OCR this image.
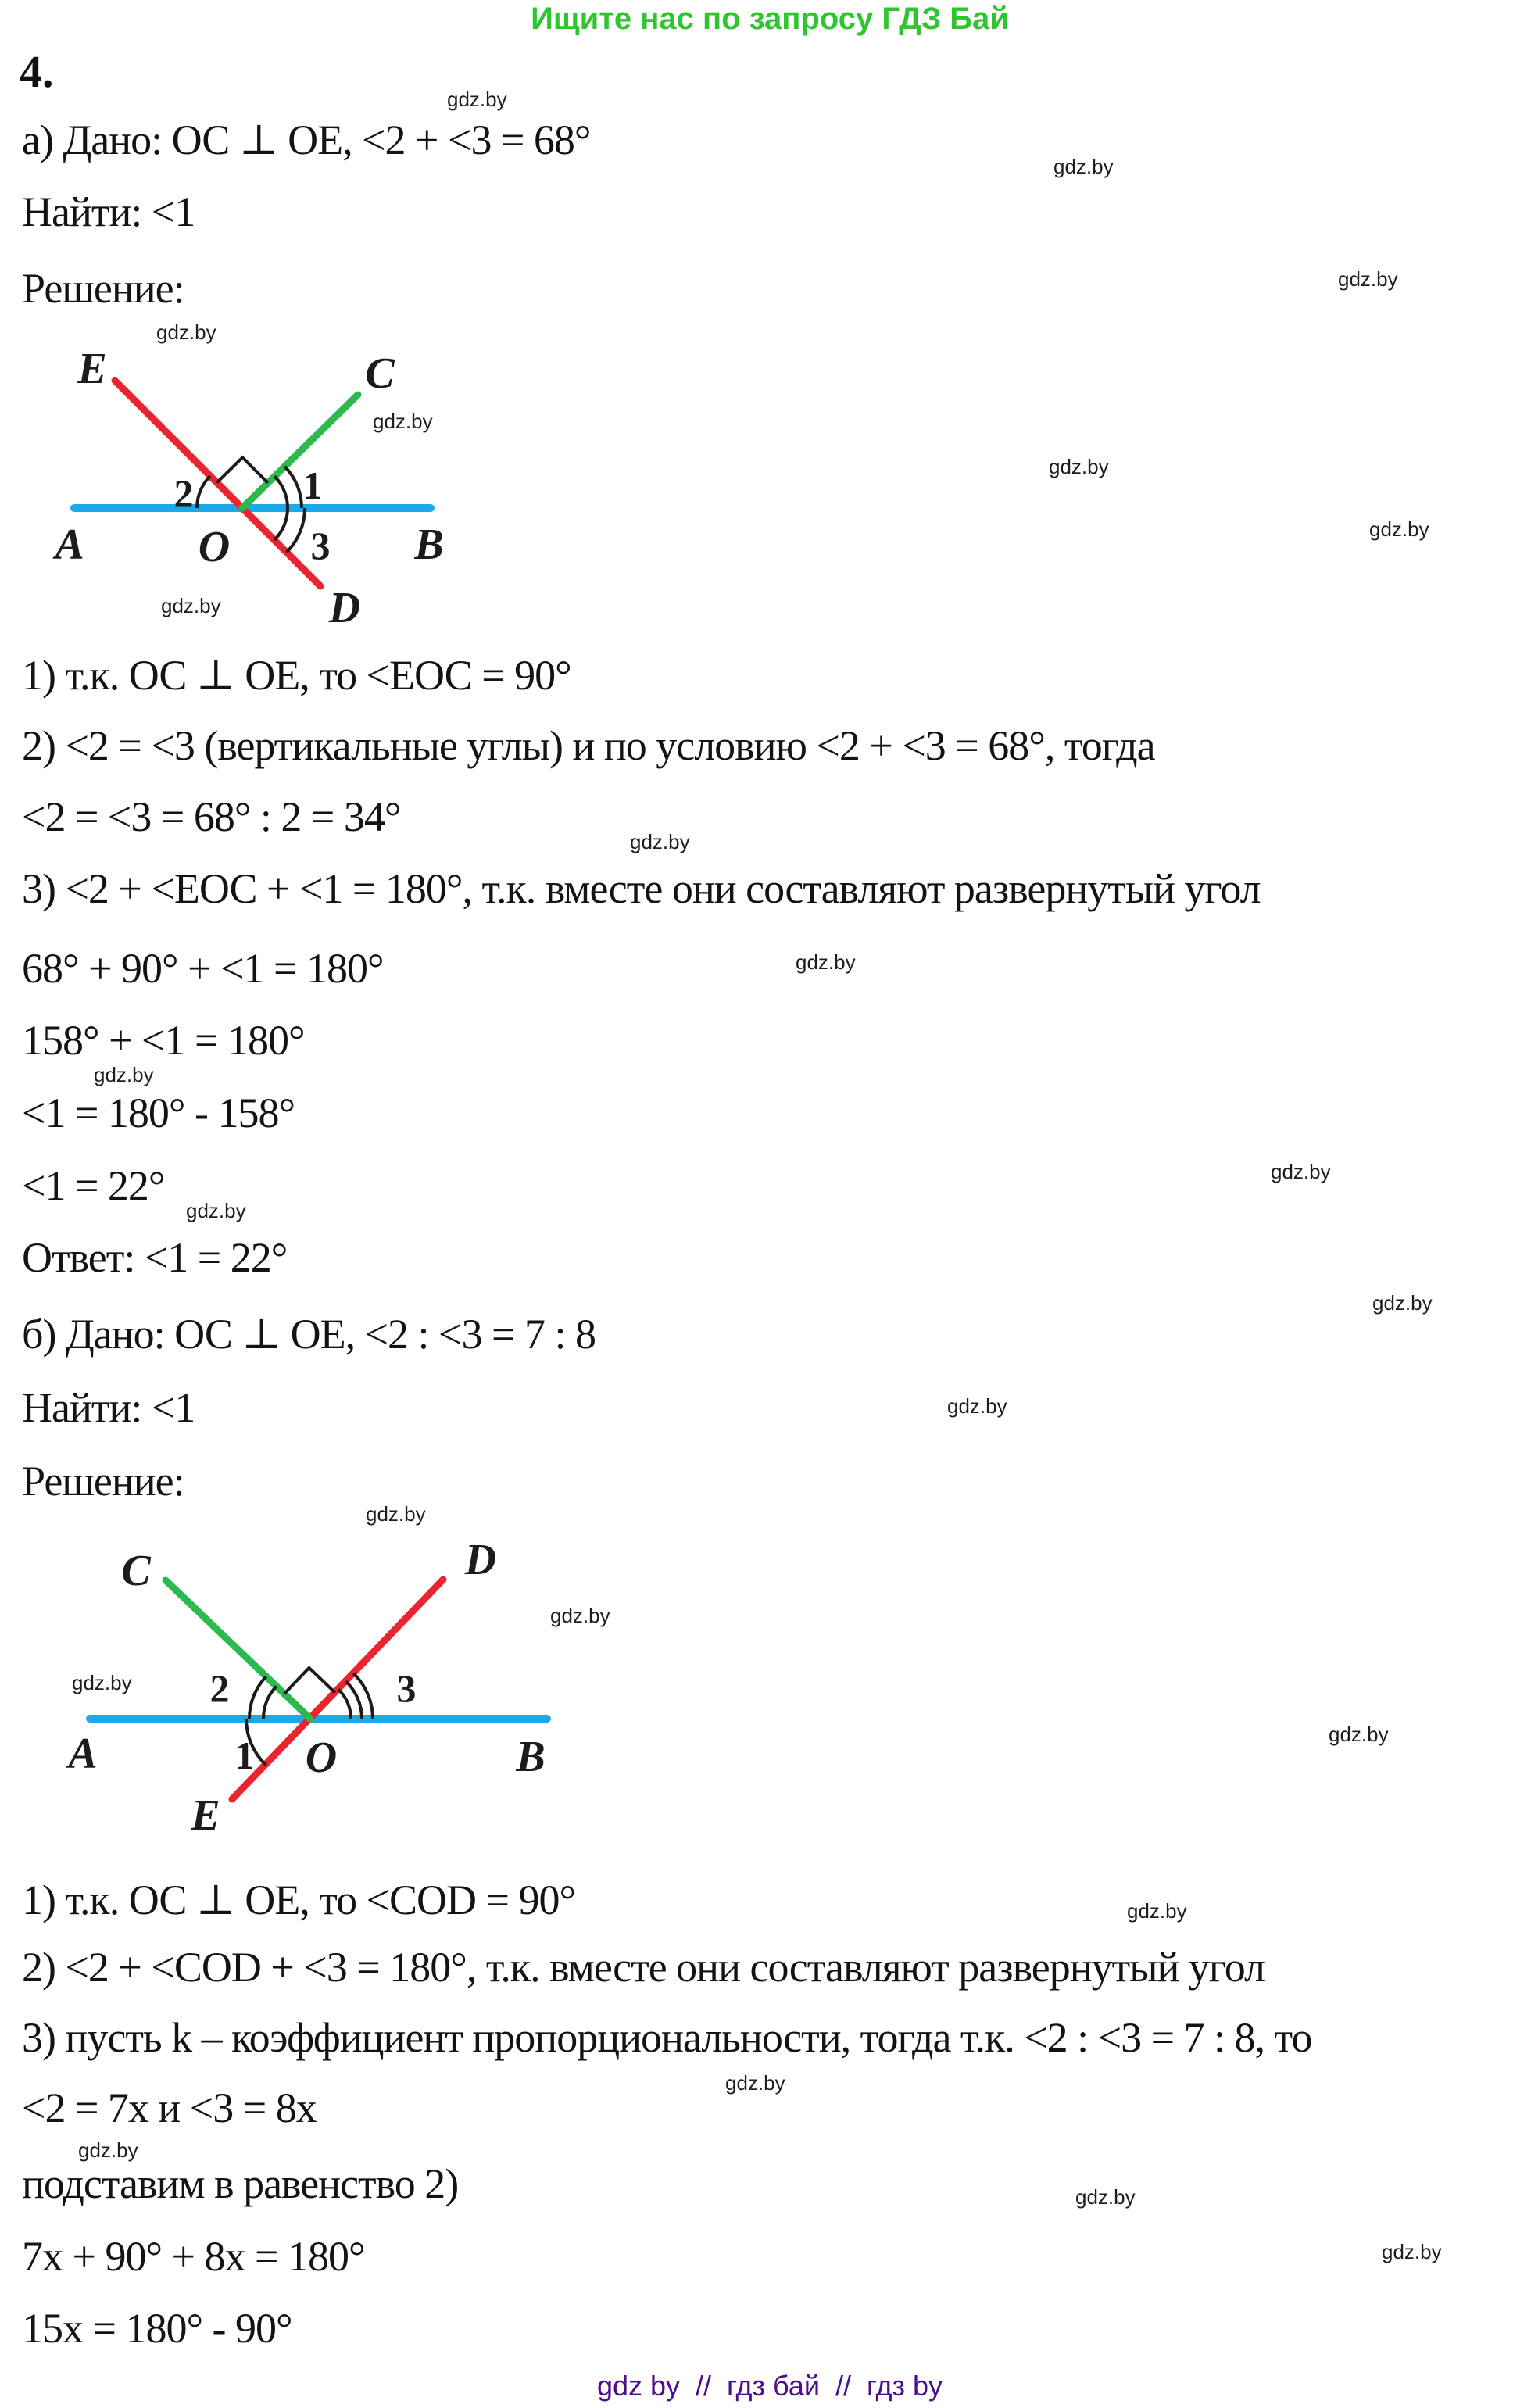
Ищите нас по запросу ГДЗ Бай
4.
а) Дано: ОС ⊥ ОЕ, <2 + <3 = 68°
Найти: <1
Решение:
E	C
A	O	B
D
2	1
3
1) т.к. ОС ⊥ ОЕ, то <ЕОС = 90°
2) <2 = <3 (вертикальные углы) и по условию <2 + <3 = 68°, тогда
<2 = <3 = 68° : 2 = 34°
3) <2 + <ЕОС + <1 = 180°, т.к. вместе они составляют развернутый угол
68° + 90° + <1 = 180°
158° + <1 = 180°
<1 = 180° - 158°
<1 = 22°
Ответ: <1 = 22°
б) Дано: ОС ⊥ ОЕ, <2 : <3 = 7 : 8
Найти: <1
Решение:
C	D
A	O	B
E
2
1
3
1) т.к. ОС ⊥ ОЕ, то <COD = 90°
2) <2 + <COD + <3 = 180°, т.к. вместе они составляют развернутый угол
3) пусть k – коэффициент пропорциональности, тогда т.к. <2 : <3 = 7 : 8, то
<2 = 7x и <3 = 8x
подставим в равенство 2)
7x + 90° + 8x = 180°
15x = 180° - 90°
gdz.by
gdz.by
gdz.by
gdz.by
gdz.by
gdz.by
gdz.by
gdz.by
gdz.by
gdz.by
gdz.by
gdz.by
gdz.by
gdz.by
gdz.by
gdz.by
gdz.by
gdz.by
gdz.by
gdz.by
gdz.by
gdz.by
gdz.by
gdz.by
gdz by  //  гдз бай  //  гдз by
